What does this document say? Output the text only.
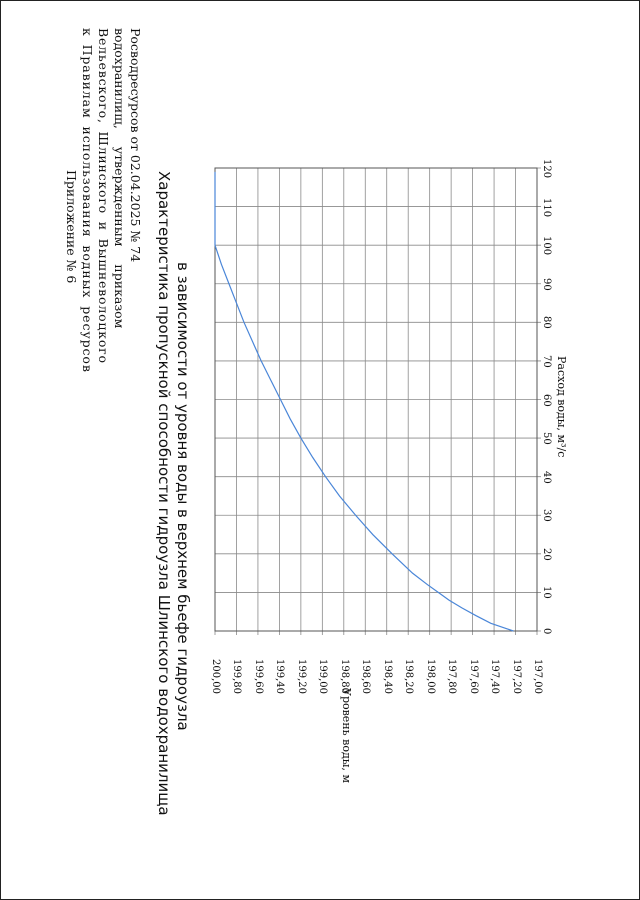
Приложение № 6 к Правилам использования водных ресурсов Вельевского, Шлинского и Вышневолоцкого водохранилищ, утвержденным приказом Росводресурсов от 02.04.2025 № 74
Характеристика пропускной способности гидроузла Шлинского водохранилища в зависимости от уровня воды в верхнем бьефе гидроузла	197,00
197,20
197,40
197,60
197,80
198,00
198,20
198,40
198,60
198,80
199,00
199,20
199,40
199,60
199,80
200,00
0
10
20
30
40
50
60
70
80
90
100
110
120
Уровень воды, м
Расход воды, м³/с
